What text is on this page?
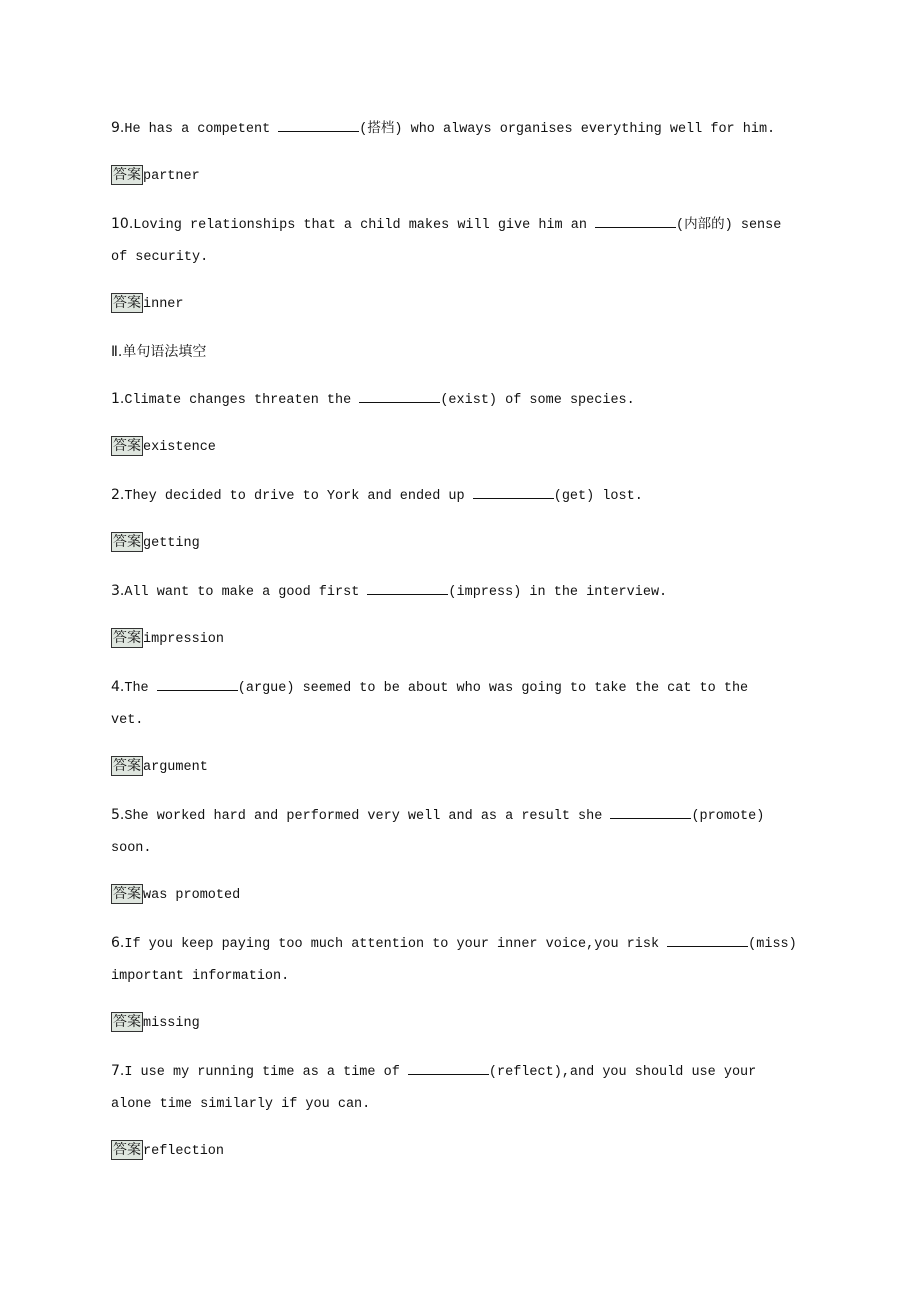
9.He has a competent	(搭档) who always organises everything well for him.
答案 partner
10.Loving relationships that a child makes will give him an	(内部的) sense
of security.
答案 inner
Ⅱ.单句语法填空
1.Climate changes threaten the	(exist) of some species.
答案 existence
2.They decided to drive to York and ended up	(get) lost.
答案 getting
3.All want to make a good first	(impress) in the interview.
答案 impression
4.The	(argue) seemed to be about who was going to take the cat to the
vet.
答案 argument
5.She worked hard and performed very well and as a result she	(promote)
soon.
答案 was promoted
6.If you keep paying too much attention to your inner voice,you risk	(miss)
important information.
答案 missing
7.I use my running time as a time of	(reflect),and you should use your
alone time similarly if you can.
答案 reflection
